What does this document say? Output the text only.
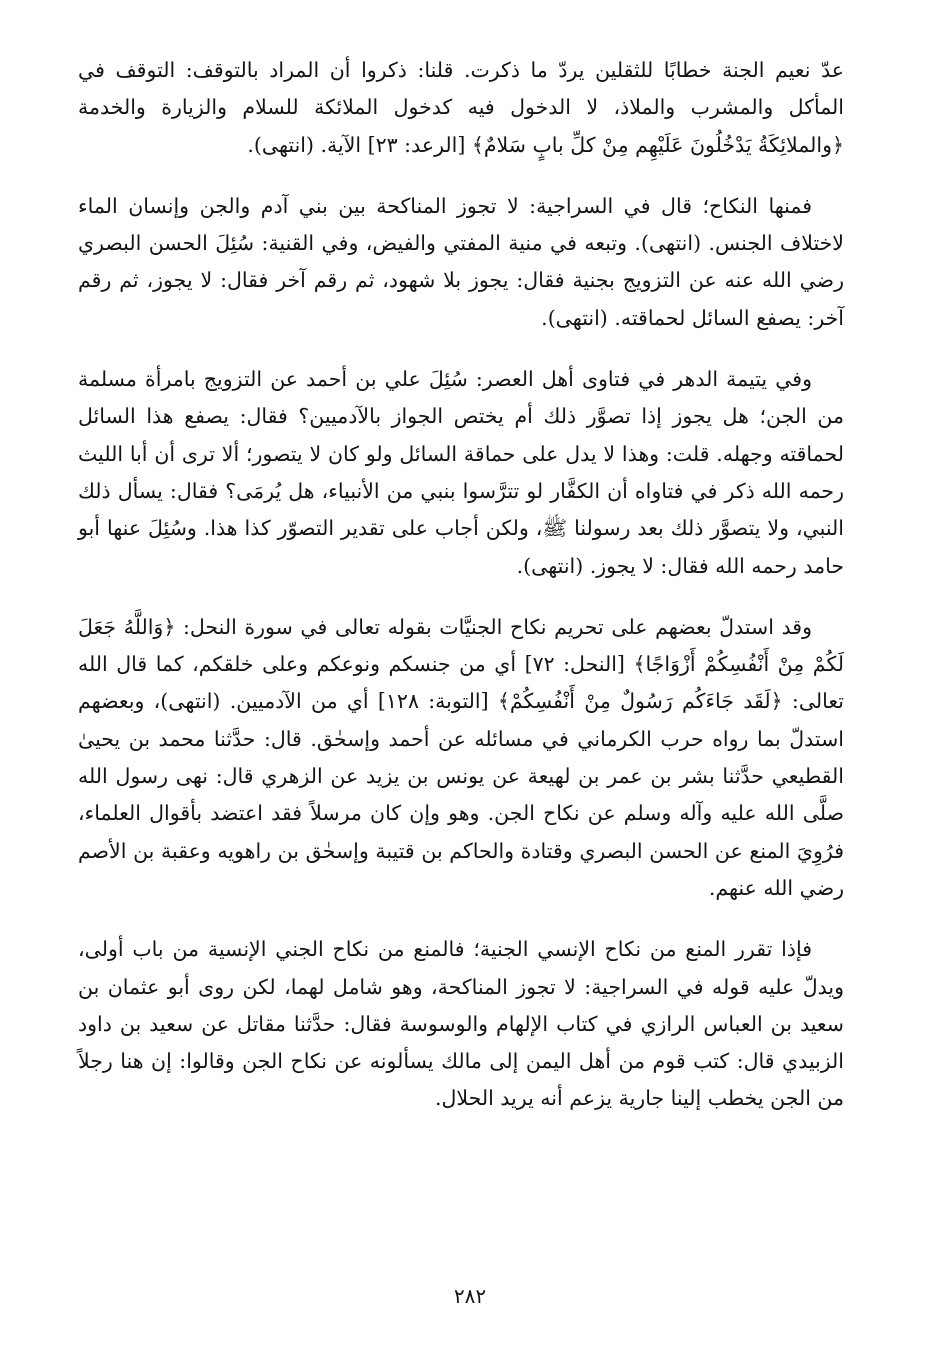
عدّ نعيم الجنة خطابًا للثقلين يردّ ما ذكرت. قلنا: ذكروا أن المراد بالتوقف: التوقف في المأكل والمشرب والملاذ، لا الدخول فيه كدخول الملائكة للسلام والزيارة والخدمة ﴿والملائِكَةُ يَدْخُلُونَ عَلَيْهِم مِنْ كلِّ بابٍ سَلامٌ﴾ [الرعد: ٢٣] الآية. (انتهى).

فمنها النكاح؛ قال في السراجية: لا تجوز المناكحة بين بني آدم والجن وإنسان الماء لاختلاف الجنس. (انتهى). وتبعه في منية المفتي والفيض، وفي القنية: سُئِلَ الحسن البصري رضي الله عنه عن التزويج بجنية فقال: يجوز بلا شهود، ثم رقم آخر فقال: لا يجوز، ثم رقم آخر: يصفع السائل لحماقته. (انتهى).

وفي يتيمة الدهر في فتاوى أهل العصر: سُئِلَ علي بن أحمد عن التزويج بامرأة مسلمة من الجن؛ هل يجوز إذا تصوَّر ذلك أم يختص الجواز بالآدميين؟ فقال: يصفع هذا السائل لحماقته وجهله. قلت: وهذا لا يدل على حماقة السائل ولو كان لا يتصور؛ ألا ترى أن أبا الليث رحمه الله ذكر في فتاواه أن الكفَّار لو تترَّسوا بنبي من الأنبياء، هل يُرمَى؟ فقال: يسأل ذلك النبي، ولا يتصوَّر ذلك بعد رسولنا ﷺ، ولكن أجاب على تقدير التصوّر كذا هذا. وسُئِلَ عنها أبو حامد رحمه الله فقال: لا يجوز. (انتهى).

وقد استدلّ بعضهم على تحريم نكاح الجنيَّات بقوله تعالى في سورة النحل: ﴿وَاللَّهُ جَعَلَ لَكُمْ مِنْ أَنْفُسِكُمْ أَزْوَاجًا﴾ [النحل: ٧٢] أي من جنسكم ونوعكم وعلى خلقكم، كما قال الله تعالى: ﴿لَقَد جَاءَكُم رَسُولٌ مِنْ أَنْفُسِكُمْ﴾ [التوبة: ١٢٨] أي من الآدميين. (انتهى)، وبعضهم استدلّ بما رواه حرب الكرماني في مسائله عن أحمد وإسحٰق. قال: حدَّثنا محمد بن يحيىٰ القطيعي حدَّثنا بشر بن عمر بن لهيعة عن يونس بن يزيد عن الزهري قال: نهى رسول الله صلَّى الله عليه وآله وسلم عن نكاح الجن. وهو وإن كان مرسلاً فقد اعتضد بأقوال العلماء، فرُوِيَ المنع عن الحسن البصري وقتادة والحاكم بن قتيبة وإسحٰق بن راهويه وعقبة بن الأصم رضي الله عنهم.

فإذا تقرر المنع من نكاح الإنسي الجنية؛ فالمنع من نكاح الجني الإنسية من باب أولى، ويدلّ عليه قوله في السراجية: لا تجوز المناكحة، وهو شامل لهما، لكن روى أبو عثمان بن سعيد بن العباس الرازي في كتاب الإلهام والوسوسة فقال: حدَّثنا مقاتل عن سعيد بن داود الزبيدي قال: كتب قوم من أهل اليمن إلى مالك يسألونه عن نكاح الجن وقالوا: إن هنا رجلاً من الجن يخطب إلينا جارية يزعم أنه يريد الحلال.

٢٨٢
